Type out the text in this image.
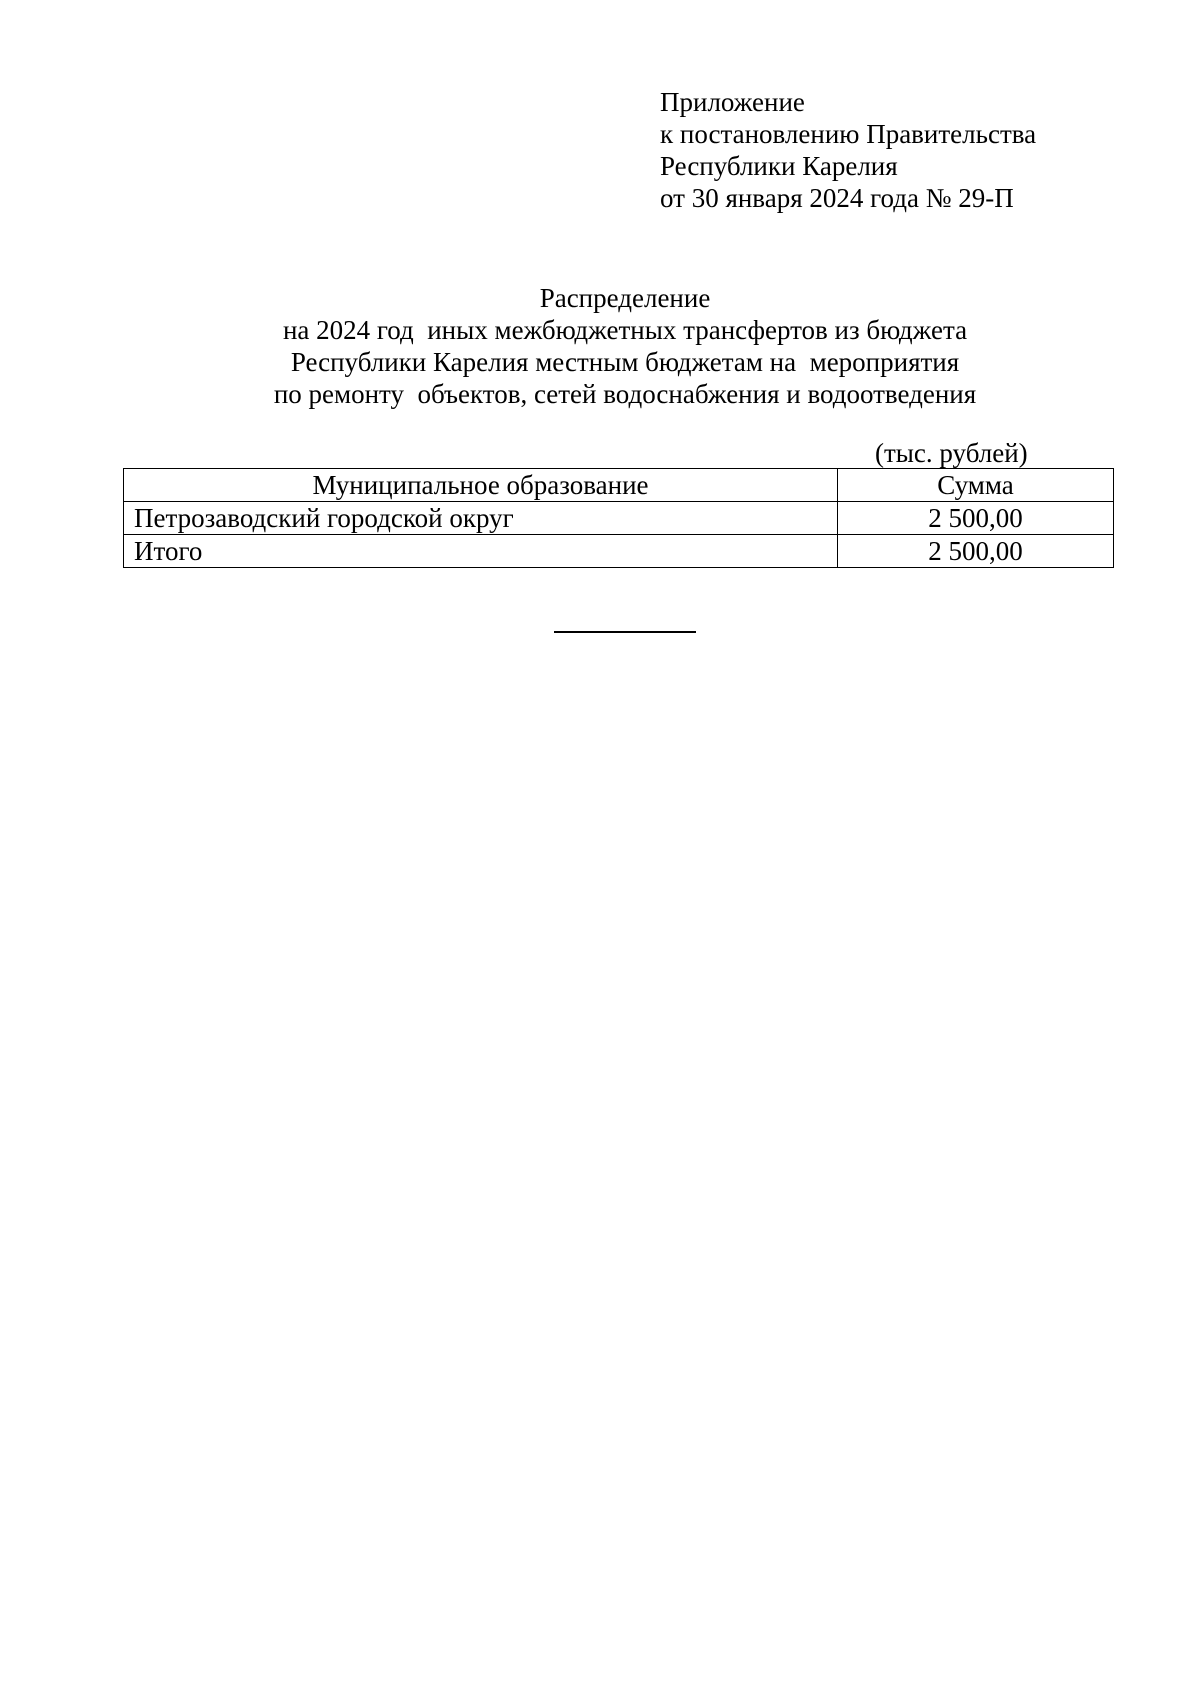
Приложение
к постановлению Правительства
Республики Карелия
от 30 января 2024 года № 29-П
Распределение
на 2024 год  иных межбюджетных трансфертов из бюджета
Республики Карелия местным бюджетам на  мероприятия
по ремонту  объектов, сетей водоснабжения и водоотведения
(тыс. рублей)
Муниципальное образование	Сумма
Петрозаводский городской округ	2 500,00
Итого	2 500,00
